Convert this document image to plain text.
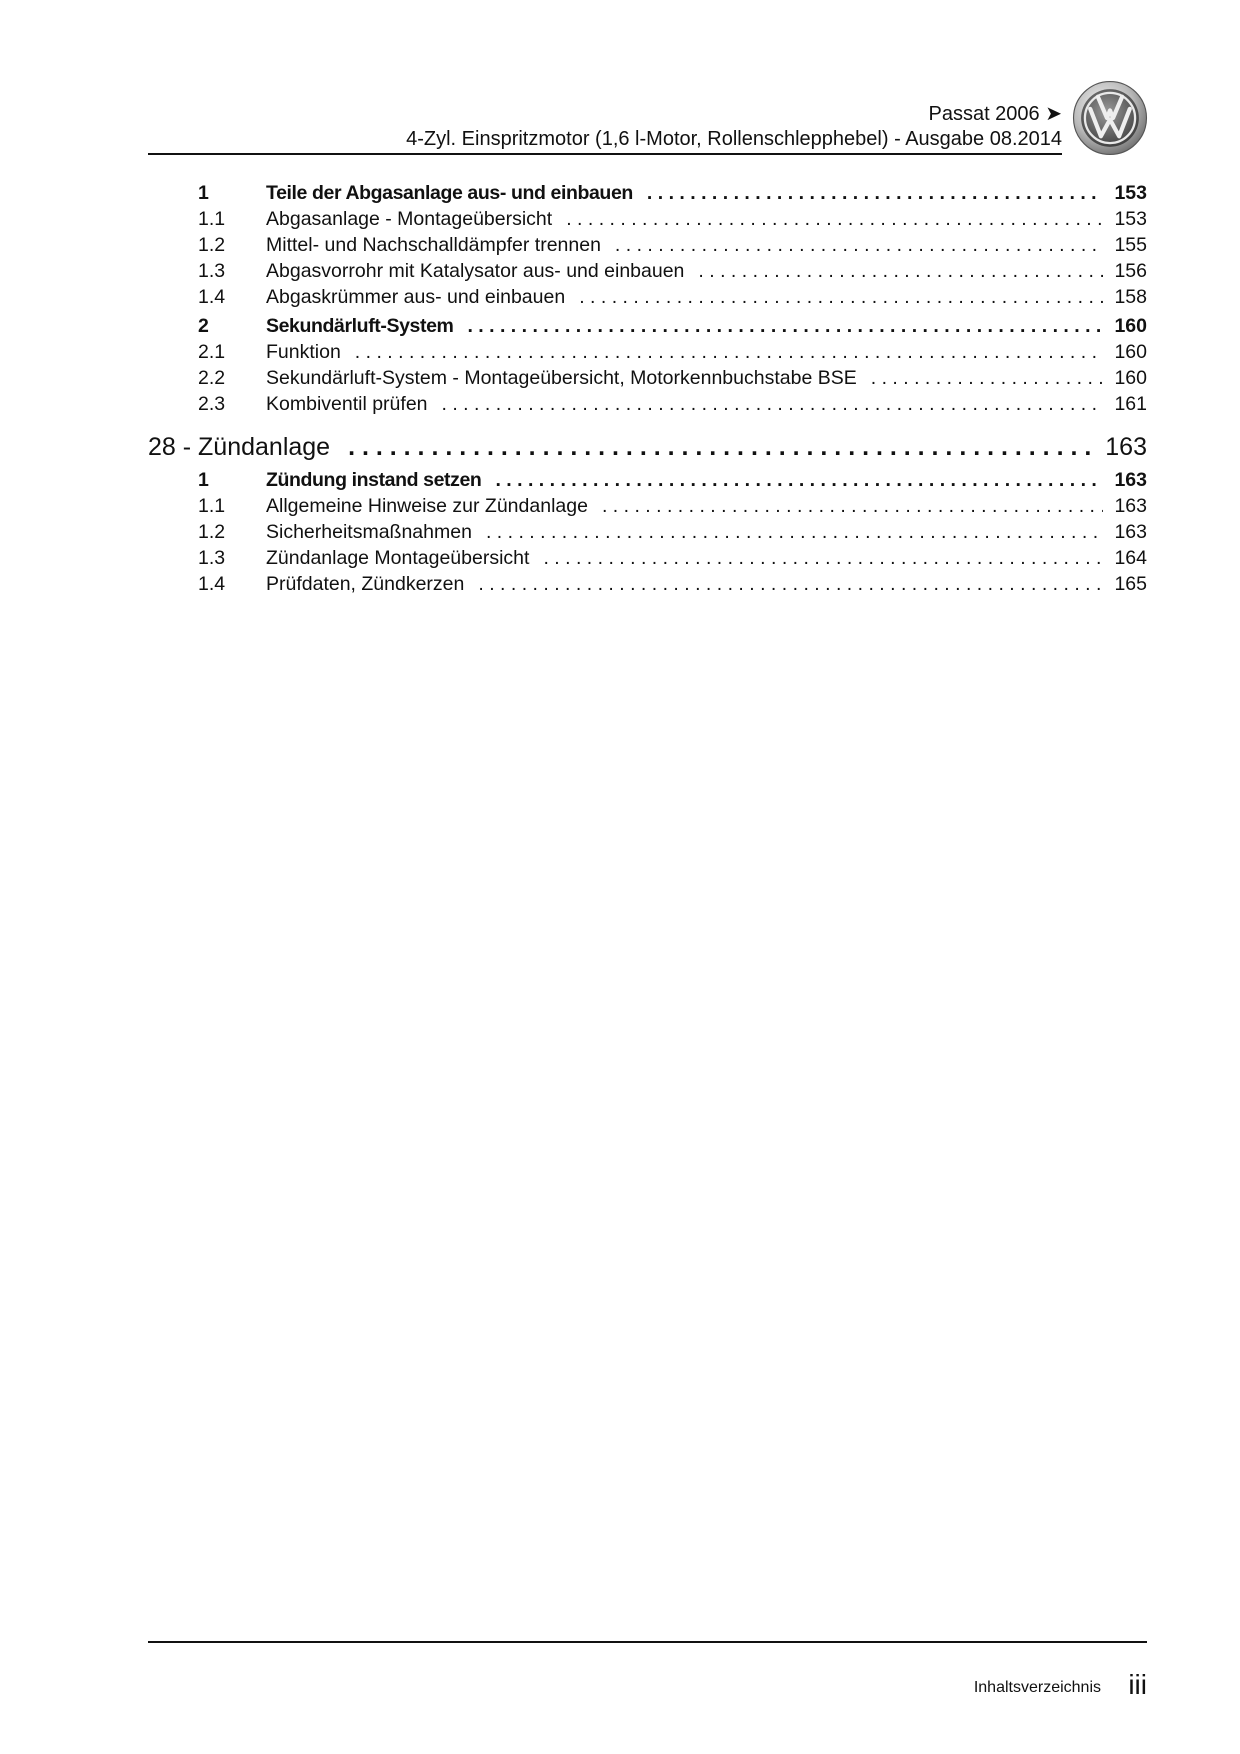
Passat 2006 ➤
4-Zyl. Einspritzmotor (1,6 l-Motor, Rollenschlepphebel) - Ausgabe 08.2014
1	Teile der Abgasanlage aus- und einbauen . . .	153
1.1 Abgasanlage - Montageübersicht . . .	153
1.2 Mittel- und Nachschalldämpfer trennen . . .	155
1.3 Abgasvorrohr mit Katalysator aus- und einbauen . . .	156
1.4 Abgaskrümmer aus- und einbauen . . .	158
2	Sekundärluft-System . . .	160
2.1 Funktion . . .	160
2.2 Sekundärluft-System - Montageübersicht, Motorkennbuchstabe BSE . . .	160
2.3 Kombiventil prüfen . . .	161
28 - Zündanlage . . .	163
1	Zündung instand setzen . . .	163
1.1 Allgemeine Hinweise zur Zündanlage . . .	163
1.2 Sicherheitsmaßnahmen . . .	163
1.3 Zündanlage Montageübersicht . . .	164
1.4 Prüfdaten, Zündkerzen . . .	165
Inhaltsverzeichnis iii
